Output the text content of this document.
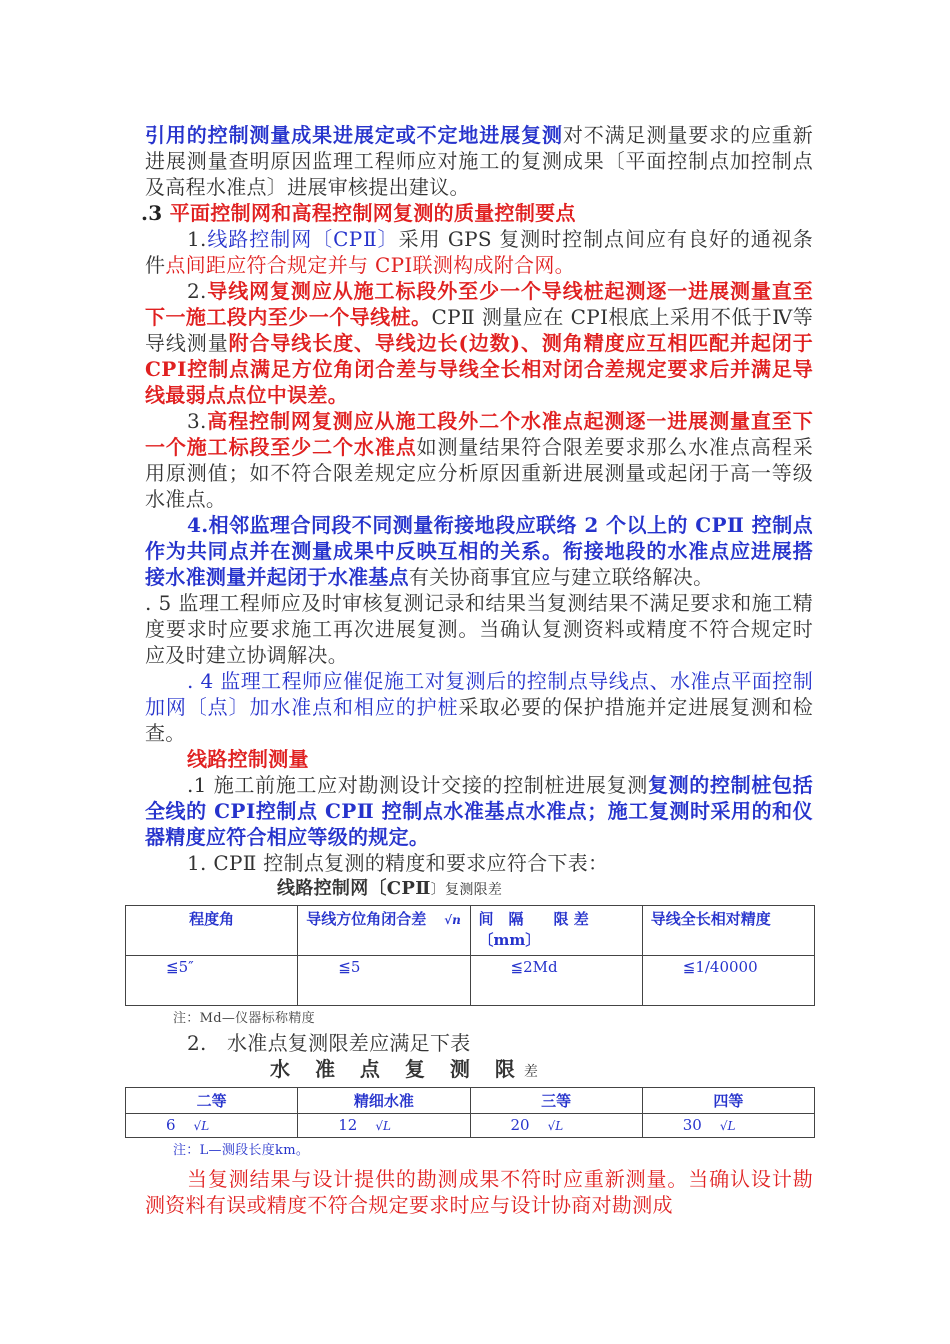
引用的控制测量成果进展定或不定地进展复测对不满足测量要求的应重新进展测量查明原因监理工程师应对施工的复测成果〔平面控制点加控制点及高程水准点〕进展审核提出建议。

.3 平面控制网和高程控制网复测的质量控制要点

1.线路控制网〔CPⅡ〕采用 GPS 复测时控制点间应有良好的通视条件点间距应符合规定并与 CPⅠ联测构成附合网。

2.导线网复测应从施工标段外至少一个导线桩起测逐一进展测量直至下一施工段内至少一个导线桩。CPⅡ 测量应在 CPⅠ根底上采用不低于Ⅳ等导线测量附合导线长度、导线边长(边数)、测角精度应互相匹配并起闭于 CPⅠ控制点满足方位角闭合差与导线全长相对闭合差规定要求后并满足导线最弱点点位中误差。

3.高程控制网复测应从施工段外二个水准点起测逐一进展测量直至下一个施工标段至少二个水准点如测量结果符合限差要求那么水准点高程采用原测值；如不符合限差规定应分析原因重新进展测量或起闭于高一等级水准点。

4.相邻监理合同段不同测量衔接地段应联络 2 个以上的 CPⅡ 控制点作为共同点并在测量成果中反映互相的关系。衔接地段的水准点应进展搭接水准测量并起闭于水准基点有关协商事宜应与建立联络解决。

. 5 监理工程师应及时审核复测记录和结果当复测结果不满足要求和施工精度要求时应要求施工再次进展复测。当确认复测资料或精度不符合规定时应及时建立协调解决。

. 4 监理工程师应催促施工对复测后的控制点导线点、水准点平面控制加网〔点〕加水准点和相应的护桩采取必要的保护措施并定进展复测和检查。

线路控制测量

.1 施工前施工应对勘测设计交接的控制桩进展复测复测的控制桩包括全线的 CPⅠ控制点 CPⅡ 控制点水准基点水准点；施工复测时采用的和仪器精度应符合相应等级的规定。

1. CPⅡ 控制点复测的精度和要求应符合下表：

线路控制网〔CPⅡ〕复测限差

程度角	导线方位角闭合差 √n	间　隔　　限 差 〔mm〕	导线全长相对精度
≦5″	≦5	≦2Md	≦1/40000

注：Md—仪器标称精度

2.　水准点复测限差应满足下表

水 准 点 复 测 限差

二等	精细水准	三等	四等
6 √L	12 √L	20 √L	30 √L

注：L—测段长度km。

当复测结果与设计提供的勘测成果不符时应重新测量。当确认设计勘测资料有误或精度不符合规定要求时应与设计协商对勘测成
